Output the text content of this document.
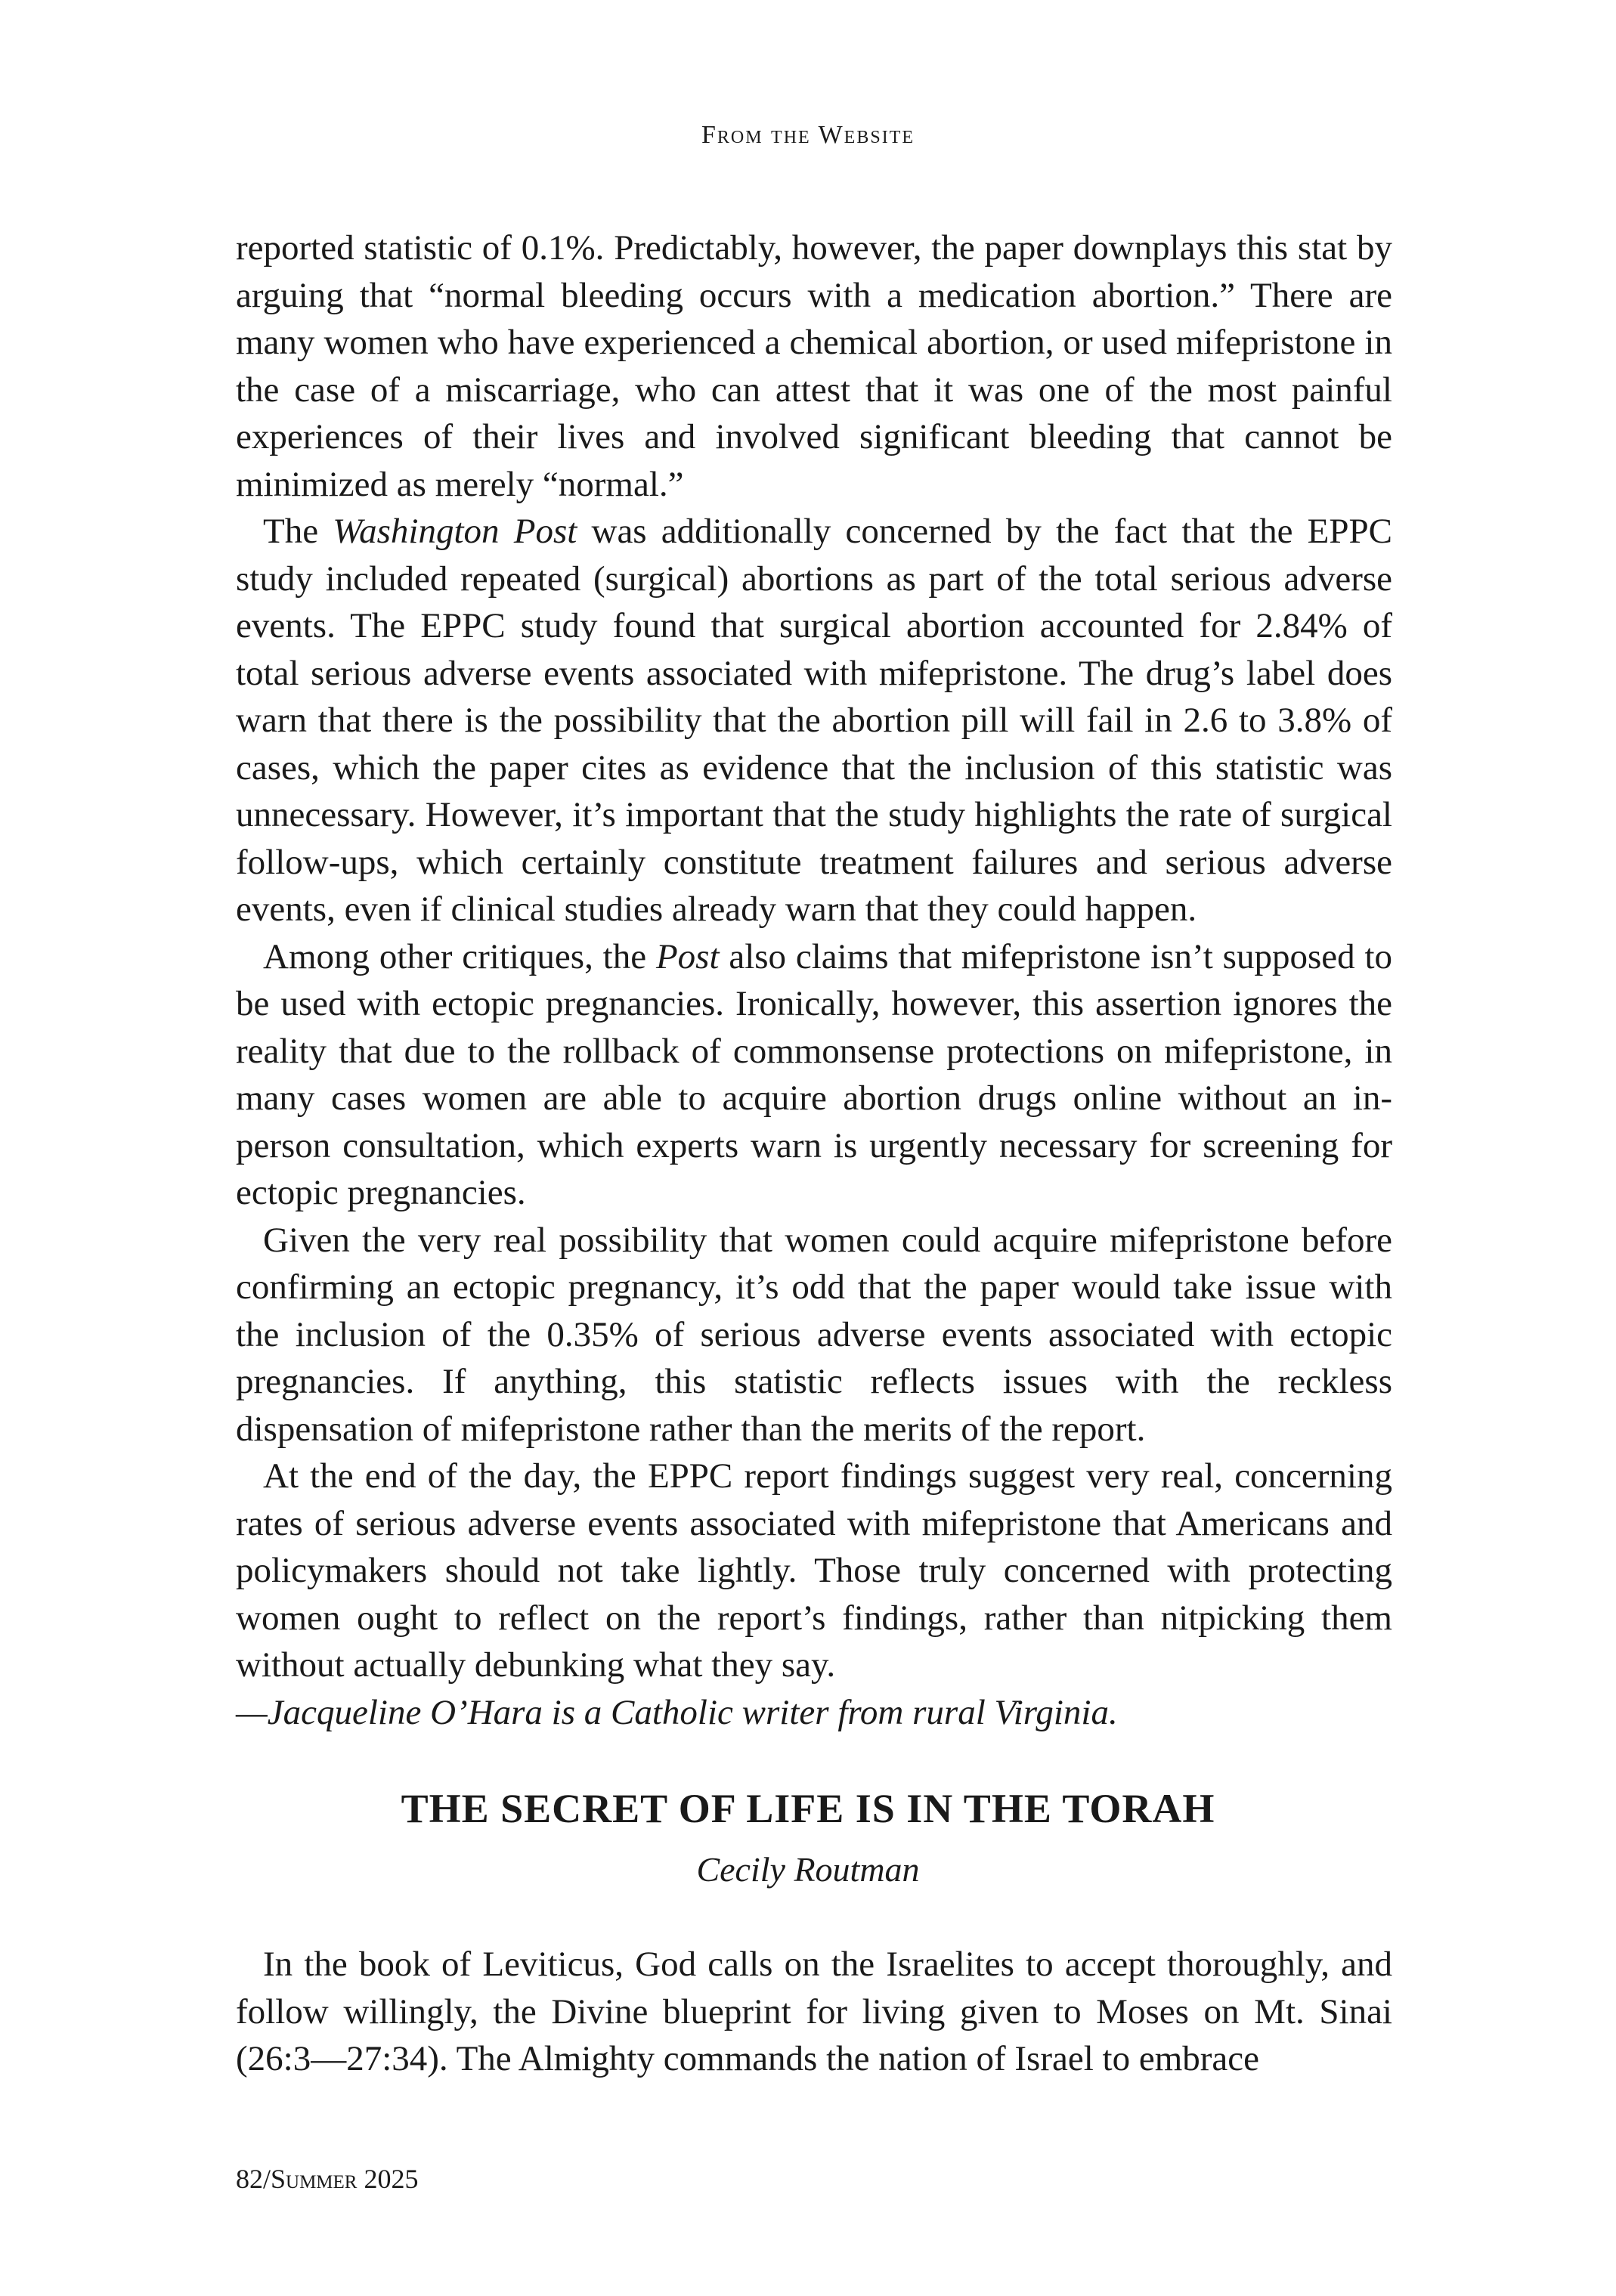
From the Website

reported statistic of 0.1%. Predictably, however, the paper downplays this stat by arguing that “normal bleeding occurs with a medication abortion.” There are many women who have experienced a chemical abortion, or used mifepristone in the case of a miscarriage, who can attest that it was one of the most painful experiences of their lives and involved significant bleeding that cannot be minimized as merely “normal.”

The Washington Post was additionally concerned by the fact that the EPPC study included repeated (surgical) abortions as part of the total serious adverse events. The EPPC study found that surgical abortion accounted for 2.84% of total serious adverse events associated with mifepristone. The drug’s label does warn that there is the possibility that the abortion pill will fail in 2.6 to 3.8% of cases, which the paper cites as evidence that the inclusion of this statistic was unnecessary. However, it’s important that the study highlights the rate of surgical follow-ups, which certainly constitute treatment failures and serious adverse events, even if clinical studies already warn that they could happen.

Among other critiques, the Post also claims that mifepristone isn’t supposed to be used with ectopic pregnancies. Ironically, however, this assertion ignores the reality that due to the rollback of commonsense protections on mifepristone, in many cases women are able to acquire abortion drugs online without an in-person consultation, which experts warn is urgently necessary for screening for ectopic pregnancies.

Given the very real possibility that women could acquire mifepristone before confirming an ectopic pregnancy, it’s odd that the paper would take issue with the inclusion of the 0.35% of serious adverse events associated with ectopic pregnancies. If anything, this statistic reflects issues with the reckless dispensation of mifepristone rather than the merits of the report.

At the end of the day, the EPPC report findings suggest very real, concerning rates of serious adverse events associated with mifepristone that Americans and policymakers should not take lightly. Those truly concerned with protecting women ought to reflect on the report’s findings, rather than nitpicking them without actually debunking what they say.

—Jacqueline O’Hara is a Catholic writer from rural Virginia.

THE SECRET OF LIFE IS IN THE TORAH
Cecily Routman

In the book of Leviticus, God calls on the Israelites to accept thoroughly, and follow willingly, the Divine blueprint for living given to Moses on Mt. Sinai (26:3—27:34). The Almighty commands the nation of Israel to embrace

82/Summer 2025
